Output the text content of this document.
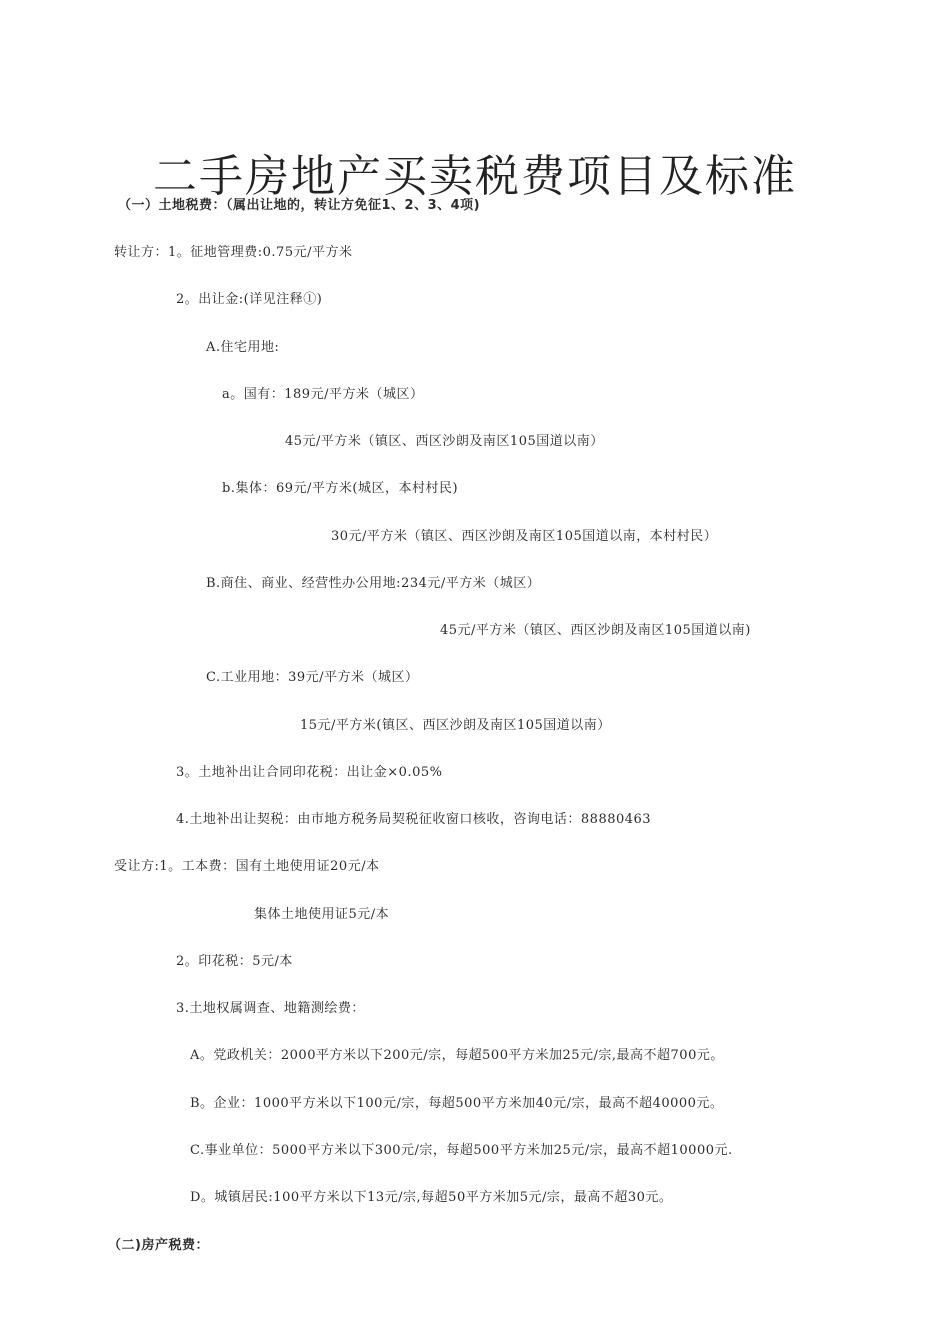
二手房地产买卖税费项目及标准
（一）土地税费：（属出让地的，转让方免征1、2、3、4项)
转让方：1。征地管理费:0.75元/平方米
2。出让金:(详见注释①)
A.住宅用地:
a。国有：189元/平方米（城区）
45元/平方米（镇区、西区沙朗及南区105国道以南）
b.集体：69元/平方米(城区，本村村民)
30元/平方米（镇区、西区沙朗及南区105国道以南，本村村民）
B.商住、商业、经营性办公用地:234元/平方米（城区）
45元/平方米（镇区、西区沙朗及南区105国道以南)
C.工业用地：39元/平方米（城区）
15元/平方米(镇区、西区沙朗及南区105国道以南）
3。土地补出让合同印花税：出让金×0.05%
4.土地补出让契税：由市地方税务局契税征收窗口核收，咨询电话：88880463
受让方:1。工本费：国有土地使用证20元/本
集体土地使用证5元/本
2。印花税：5元/本
3.土地权属调查、地籍测绘费：
A。党政机关：2000平方米以下200元/宗，每超500平方米加25元/宗,最高不超700元。
B。企业：1000平方米以下100元/宗，每超500平方米加40元/宗，最高不超40000元。
C.事业单位：5000平方米以下300元/宗，每超500平方米加25元/宗，最高不超10000元.
D。城镇居民:100平方米以下13元/宗,每超50平方米加5元/宗，最高不超30元。
（二)房产税费：
